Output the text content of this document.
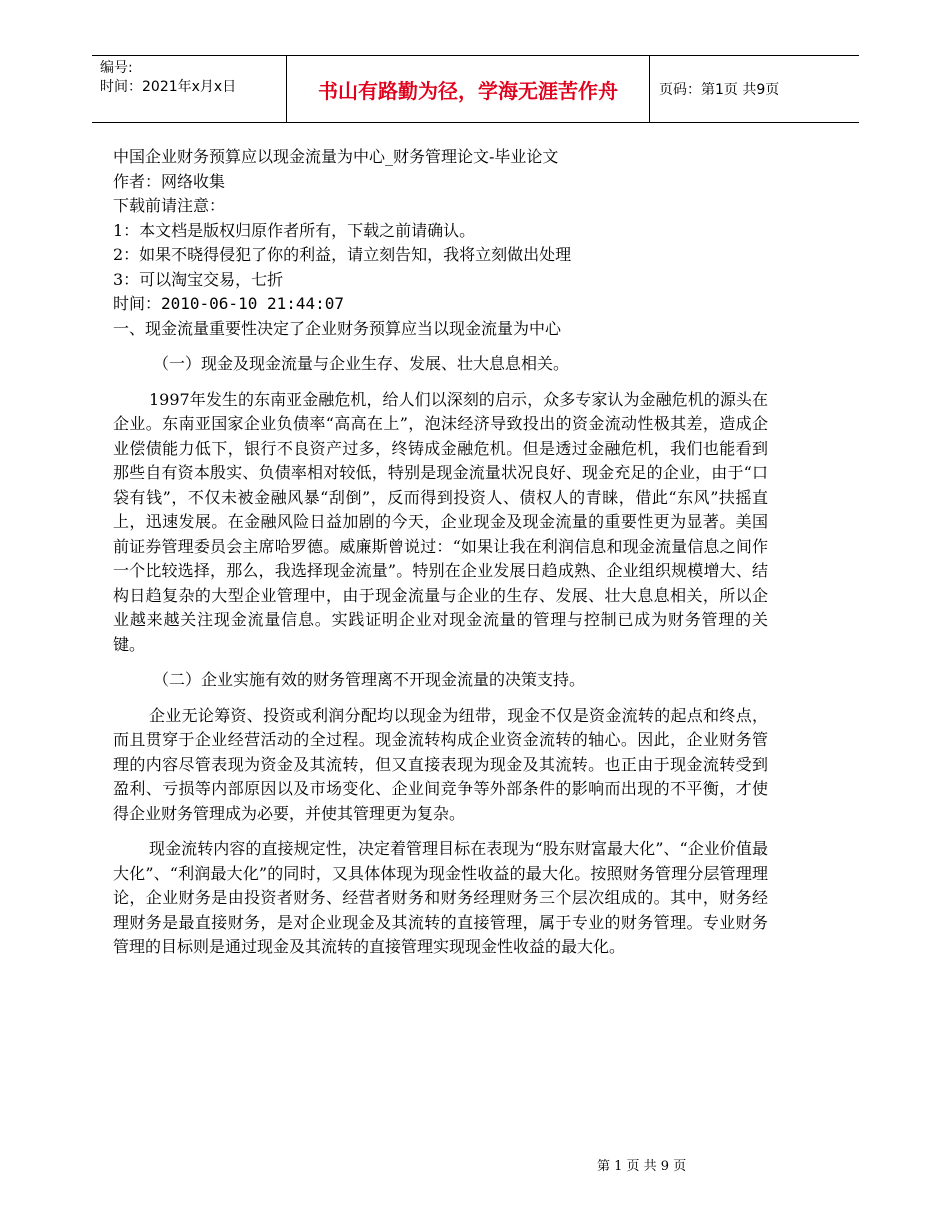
编号:
时间：2021年x月x日	书山有路勤为径，学海无涯苦作舟	页码：第1页 共9页
中国企业财务预算应以现金流量为中心_财务管理论文-毕业论文
作者：网络收集
下载前请注意：
1：本文档是版权归原作者所有，下载之前请确认。
2：如果不晓得侵犯了你的利益，请立刻告知，我将立刻做出处理
3：可以淘宝交易，七折
时间：2010-06-10 21:44:07
一、现金流量重要性决定了企业财务预算应当以现金流量为中心
（一）现金及现金流量与企业生存、发展、壮大息息相关。
1997年发生的东南亚金融危机，给人们以深刻的启示，众多专家认为金融危机的源头在企业。东南亚国家企业负债率“高高在上”，泡沫经济导致投出的资金流动性极其差，造成企业偿债能力低下，银行不良资产过多，终铸成金融危机。但是透过金融危机，我们也能看到那些自有资本殷实、负债率相对较低，特别是现金流量状况良好、现金充足的企业，由于“口袋有钱”，不仅未被金融风暴“刮倒”，反而得到投资人、债权人的青睐，借此“东风”扶摇直上，迅速发展。在金融风险日益加剧的今天，企业现金及现金流量的重要性更为显著。美国前证券管理委员会主席哈罗德。威廉斯曾说过：“如果让我在利润信息和现金流量信息之间作一个比较选择，那么，我选择现金流量”。特别在企业发展日趋成熟、企业组织规模增大、结构日趋复杂的大型企业管理中，由于现金流量与企业的生存、发展、壮大息息相关，所以企业越来越关注现金流量信息。实践证明企业对现金流量的管理与控制已成为财务管理的关键。
（二）企业实施有效的财务管理离不开现金流量的决策支持。
企业无论筹资、投资或利润分配均以现金为纽带，现金不仅是资金流转的起点和终点，而且贯穿于企业经营活动的全过程。现金流转构成企业资金流转的轴心。因此，企业财务管理的内容尽管表现为资金及其流转，但又直接表现为现金及其流转。也正由于现金流转受到盈利、亏损等内部原因以及市场变化、企业间竞争等外部条件的影响而出现的不平衡，才使得企业财务管理成为必要，并使其管理更为复杂。
现金流转内容的直接规定性，决定着管理目标在表现为“股东财富最大化”、“企业价值最大化”、“利润最大化”的同时，又具体体现为现金性收益的最大化。按照财务管理分层管理理论，企业财务是由投资者财务、经营者财务和财务经理财务三个层次组成的。其中，财务经理财务是最直接财务，是对企业现金及其流转的直接管理，属于专业的财务管理。专业财务管理的目标则是通过现金及其流转的直接管理实现现金性收益的最大化。
第 1 页 共 9 页
